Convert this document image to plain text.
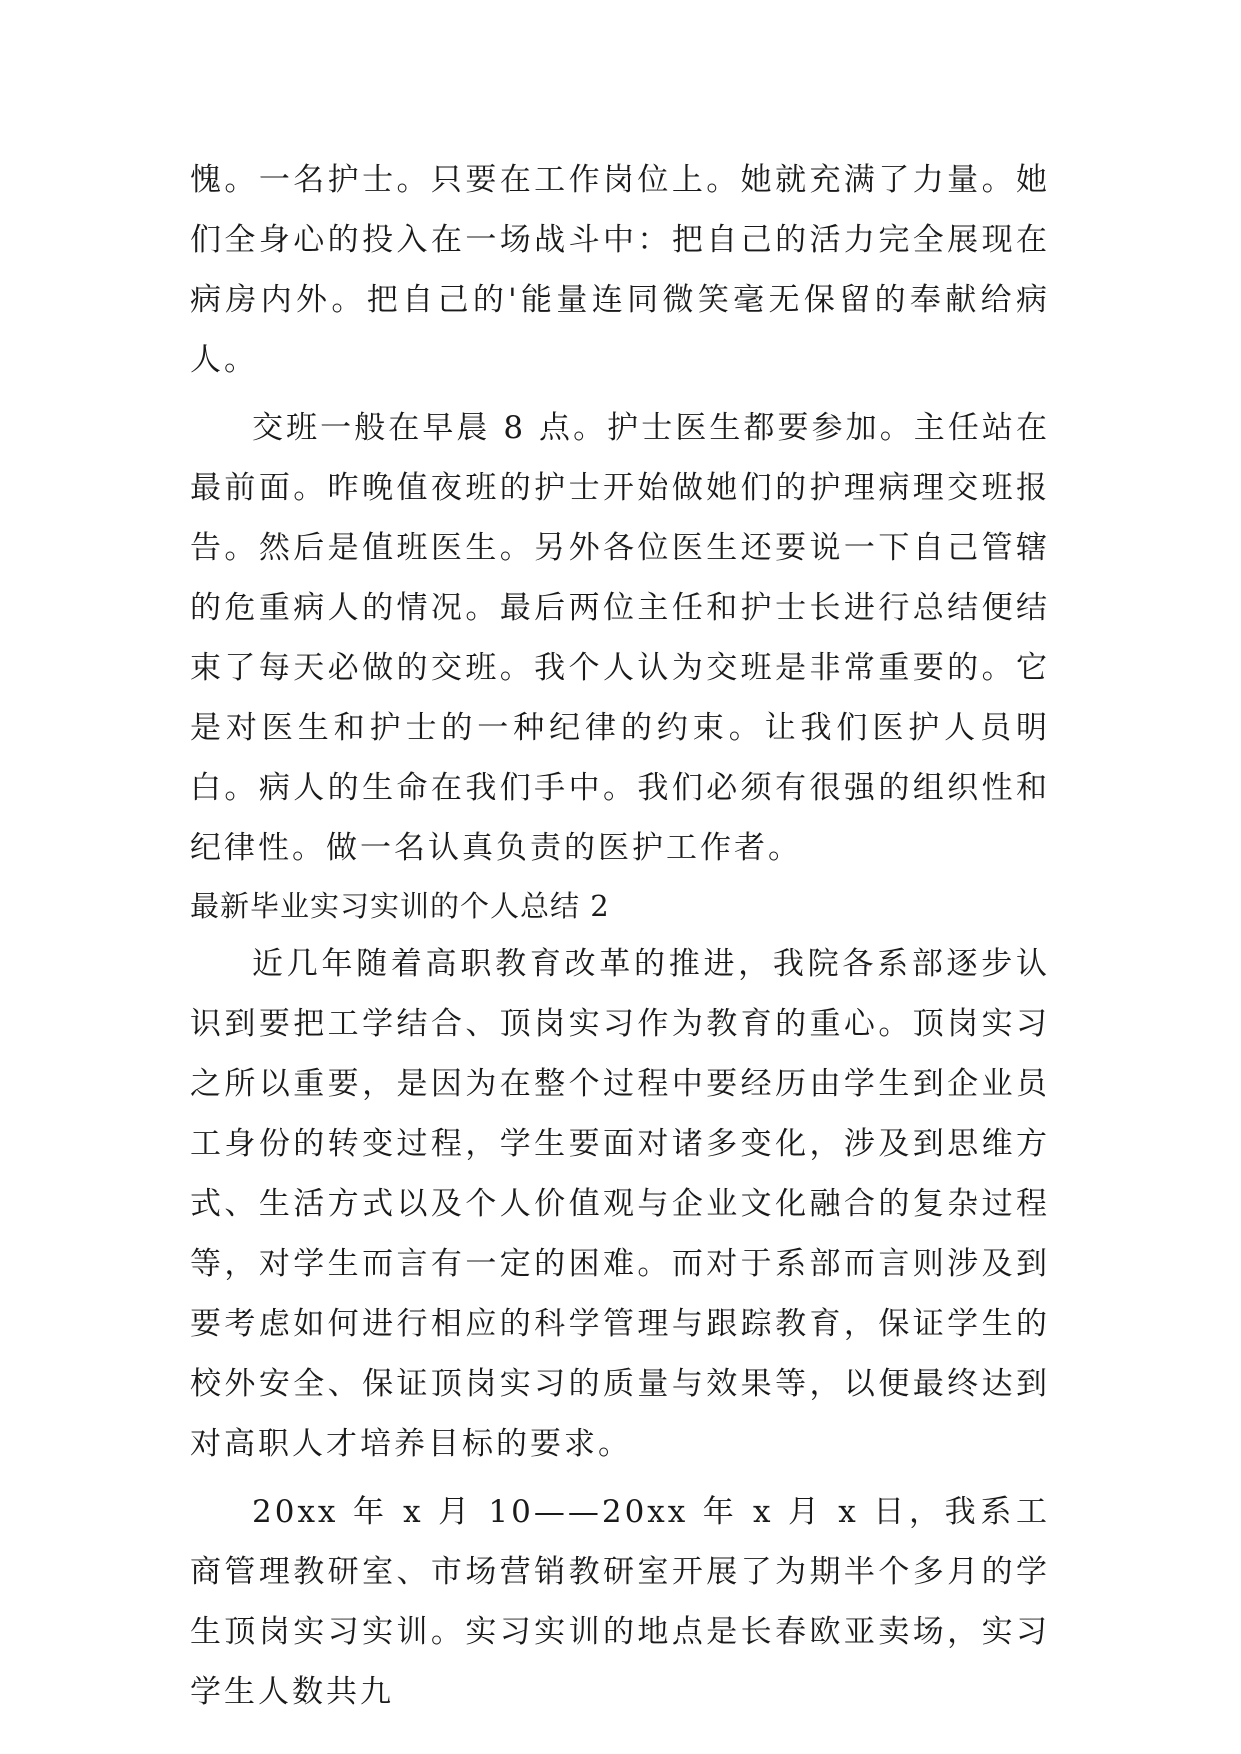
愧。一名护士。只要在工作岗位上。她就充满了力量。她们全身心的投入在一场战斗中：把自己的活力完全展现在病房内外。把自己的'能量连同微笑毫无保留的奉献给病人。

交班一般在早晨 8 点。护士医生都要参加。主任站在最前面。昨晚值夜班的护士开始做她们的护理病理交班报告。然后是值班医生。另外各位医生还要说一下自己管辖的危重病人的情况。最后两位主任和护士长进行总结便结束了每天必做的交班。我个人认为交班是非常重要的。它是对医生和护士的一种纪律的约束。让我们医护人员明白。病人的生命在我们手中。我们必须有很强的组织性和纪律性。做一名认真负责的医护工作者。

最新毕业实习实训的个人总结 2

近几年随着高职教育改革的推进，我院各系部逐步认识到要把工学结合、顶岗实习作为教育的重心。顶岗实习之所以重要，是因为在整个过程中要经历由学生到企业员工身份的转变过程，学生要面对诸多变化，涉及到思维方式、生活方式以及个人价值观与企业文化融合的复杂过程等，对学生而言有一定的困难。而对于系部而言则涉及到要考虑如何进行相应的科学管理与跟踪教育，保证学生的校外安全、保证顶岗实习的质量与效果等，以便最终达到对高职人才培养目标的要求。

20xx 年 x 月 10——20xx 年 x 月 x 日，我系工商管理教研室、市场营销教研室开展了为期半个多月的学生顶岗实习实训。实习实训的地点是长春欧亚卖场，实习学生人数共九
